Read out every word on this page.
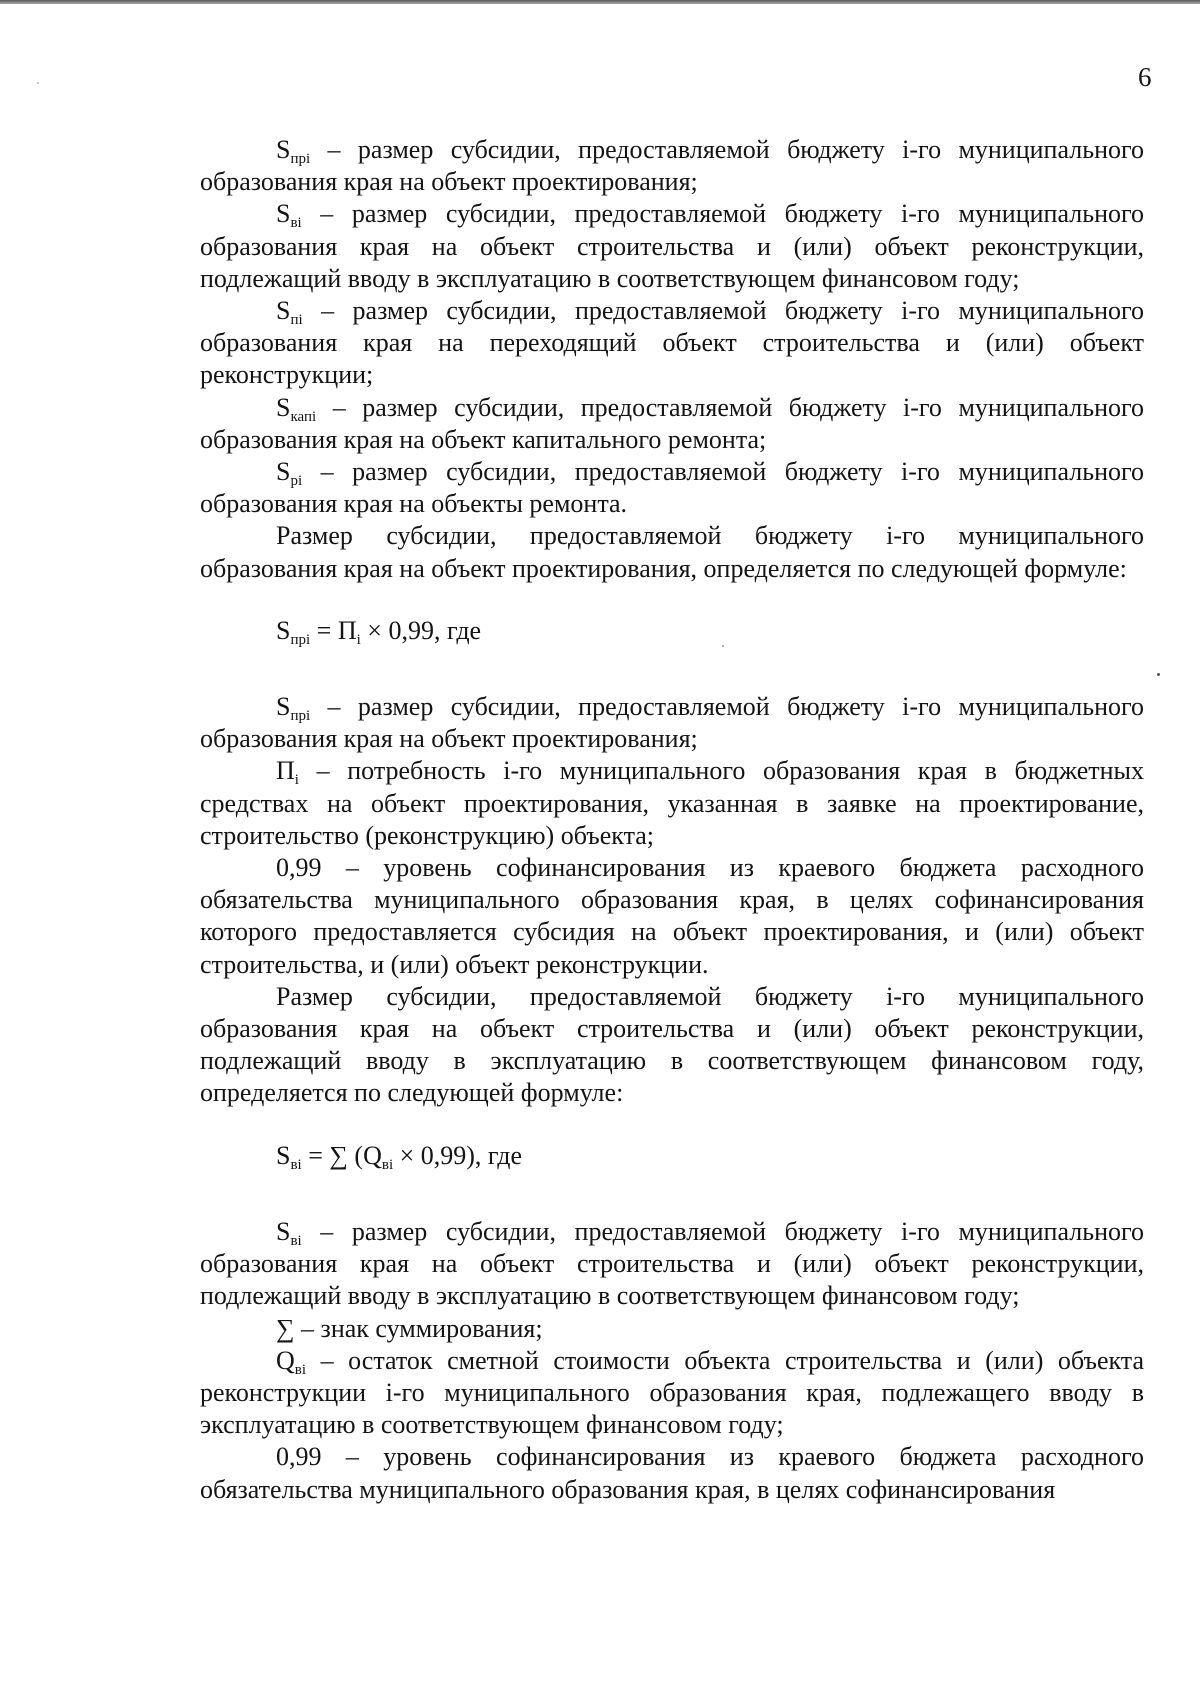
6

$S_{прi}$ – размер субсидии, предоставляемой бюджету i-го муниципального образования края на объект проектирования;

$S_{вi}$ – размер субсидии, предоставляемой бюджету i-го муниципального образования края на объект строительства и (или) объект реконструкции, подлежащий вводу в эксплуатацию в соответствующем финансовом году;

$S_{пi}$ – размер субсидии, предоставляемой бюджету i-го муниципального образования края на переходящий объект строительства и (или) объект реконструкции;

$S_{капi}$ – размер субсидии, предоставляемой бюджету i-го муниципального образования края на объект капитального ремонта;

$S_{рi}$ – размер субсидии, предоставляемой бюджету i-го муниципального образования края на объекты ремонта.

Размер субсидии, предоставляемой бюджету i-го муниципального образования края на объект проектирования, определяется по следующей формуле:

$S_{прi} = П_i \times 0,99$, где

$S_{прi}$ – размер субсидии, предоставляемой бюджету i-го муниципального образования края на объект проектирования;

$П_i$ – потребность i-го муниципального образования края в бюджетных средствах на объект проектирования, указанная в заявке на проектирование, строительство (реконструкцию) объекта;

0,99 – уровень софинансирования из краевого бюджета расходного обязательства муниципального образования края, в целях софинансирования которого предоставляется субсидия на объект проектирования, и (или) объект строительства, и (или) объект реконструкции.

Размер субсидии, предоставляемой бюджету i-го муниципального образования края на объект строительства и (или) объект реконструкции, подлежащий вводу в эксплуатацию в соответствующем финансовом году, определяется по следующей формуле:

$S_{вi}$ = ∑ $(Q_{вi} \times 0,99)$, где

$S_{вi}$ – размер субсидии, предоставляемой бюджету i-го муниципального образования края на объект строительства и (или) объект реконструкции, подлежащий вводу в эксплуатацию в соответствующем финансовом году;

∑ – знак суммирования;

$Q_{вi}$ – остаток сметной стоимости объекта строительства и (или) объекта реконструкции i-го муниципального образования края, подлежащего вводу в эксплуатацию в соответствующем финансовом году;

0,99 – уровень софинансирования из краевого бюджета расходного обязательства муниципального образования края, в целях софинансирования
